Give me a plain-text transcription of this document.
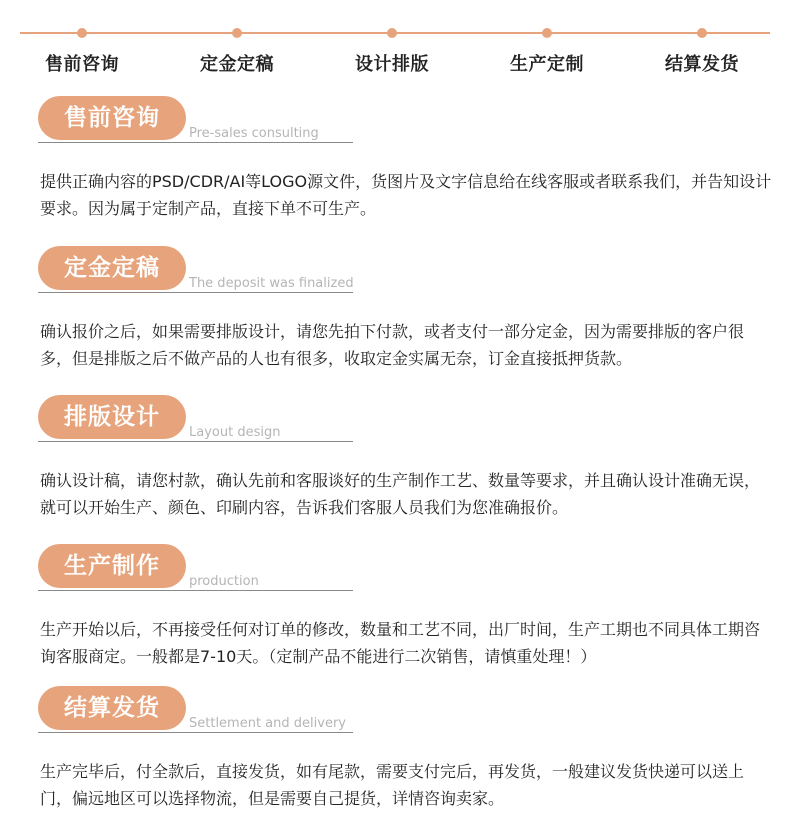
售前咨询	定金定稿	设计排版	生产定制	结算发货
售前咨询
Pre-sales consulting

提供正确内容的PSD/CDR/AI等LOGO源文件，货图片及文字信息给在线客服或者联系我们，并告知设计要求。因为属于定制产品，直接下单不可生产。

定金定稿
The deposit was finalized

确认报价之后，如果需要排版设计，请您先拍下付款，或者支付一部分定金，因为需要排版的客户很多，但是排版之后不做产品的人也有很多，收取定金实属无奈，订金直接抵押货款。

排版设计
Layout design

确认设计稿，请您村款，确认先前和客服谈好的生产制作工艺、数量等要求，并且确认设计准确无误，就可以开始生产、颜色、印刷内容，告诉我们客服人员我们为您准确报价。

生产制作
production

生产开始以后，不再接受任何对订单的修改，数量和工艺不同，出厂时间，生产工期也不同具体工期咨询客服商定。一般都是7-10天。（定制产品不能进行二次销售，请慎重处理！）

结算发货
Settlement and delivery

生产完毕后，付全款后，直接发货，如有尾款，需要支付完后，再发货，一般建议发货快递可以送上门，偏远地区可以选择物流，但是需要自己提货，详情咨询卖家。
